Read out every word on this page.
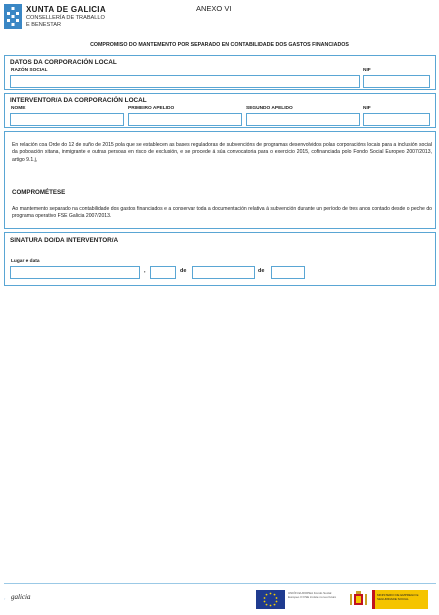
XUNTA DE GALICIA
CONSELLERÍA DE TRABALLO
E BENESTAR
ANEXO VI
COMPROMISO DO MANTEMENTO POR SEPARADO EN CONTABILIDADE DOS GASTOS FINANCIADOS
DATOS DA CORPORACIÓN LOCAL
RAZÓN SOCIAL	NIF
INTERVENTOR/A DA CORPORACIÓN LOCAL
NOME	PRIMEIRO APELIDO	SEGUNDO APELIDO	NIF
En relación coa Orde do 12 de xuño de 2015 pola que se establecen as bases reguladoras de subvencións de programas desenvolvidos polas corporacións locais para a inclusión social da poboación xitana, inmigrante e outras persoas en risco de exclusión, e se procede á súa convocatoria para o exercicio 2015, cofinanciada polo Fondo Social Europeo 2007/2013, artigo 9.1.j,
COMPROMÉTESE
Ao mantemento separado na contabilidade dos gastos financiados e a conservar toda a documentación relativa á subvención durante un período de tres anos contado desde o peche do programa operativo FSE Galicia 2007/2013.
SINATURA DO/DA INTERVENTOR/A
Lugar e data
,	de	de
galicia	UNIÓN EUROPEA Fondo Social Europeo O FSE inviste no teu futuro	MINISTERIO DE EMPREGO E SEGURIDADE SOCIAL
